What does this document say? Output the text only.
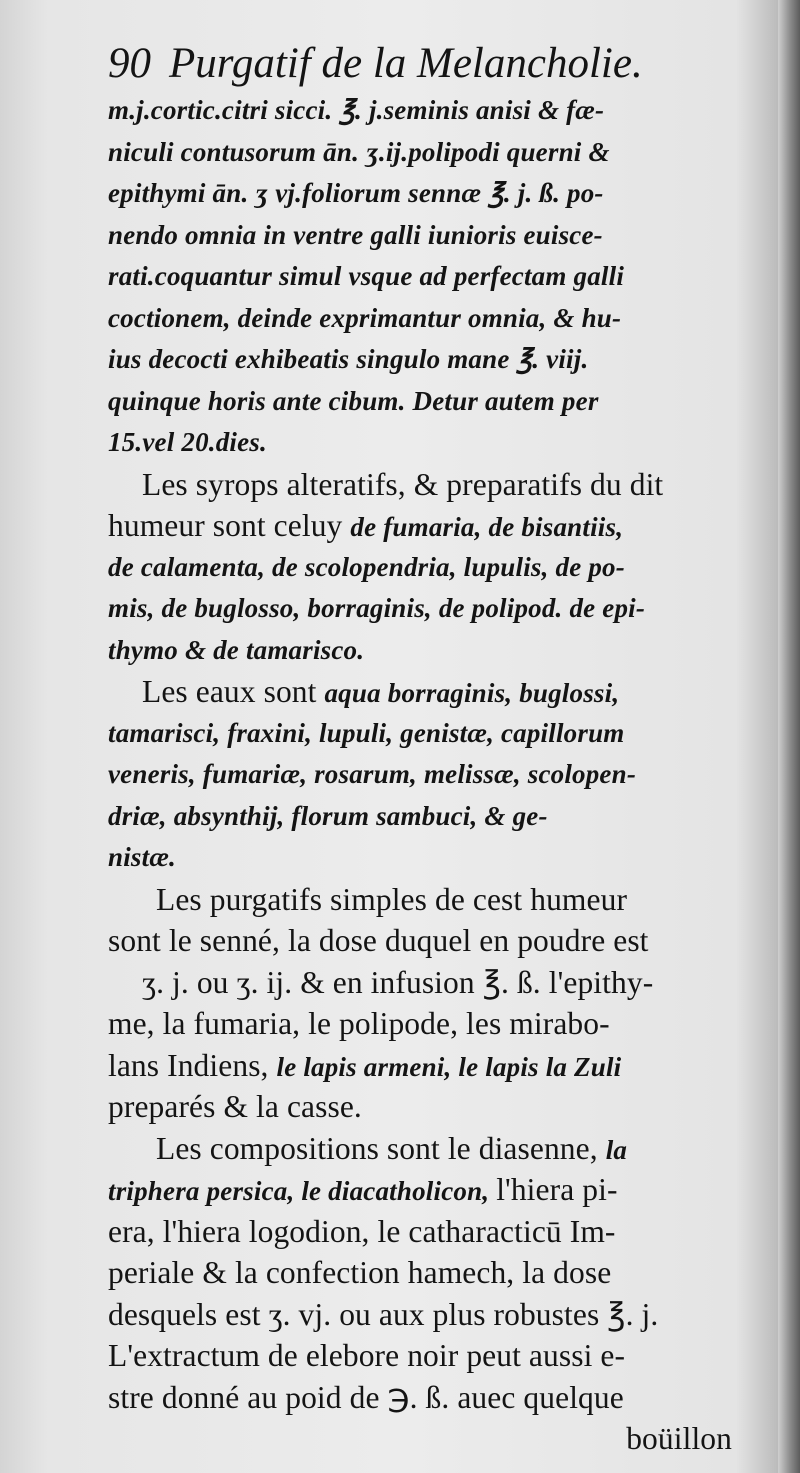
90 Purgatif de la Melancholie.
m.j.cortic.citri sicci. ℥. j.seminis anisi & fæ-
niculi contusorum ān. ʒ.ij.polipodi querni &
epithymi ān. ʒ vj.foliorum sennæ ℥. j. ß. po-
nendo omnia in ventre galli iunioris euisce-
rati.coquantur simul vsque ad perfectam galli
coctionem, deinde exprimantur omnia, & hu-
ius decocti exhibeatis singulo mane ℥. viij.
quinque horis ante cibum. Detur autem per
15.vel 20.dies.
Les syrops alteratifs, & preparatifs du dit
humeur sont celuy de fumaria, de bisantiis,
de calamenta, de scolopendria, lupulis, de po-
mis, de buglosso, borraginis, de polipod. de epi-
thymo & de tamarisco.
Les eaux sont aqua borraginis, buglossi,
tamarisci, fraxini, lupuli, genistæ, capillorum
veneris, fumariæ, rosarum, melissæ, scolopen-
driæ, absynthij, florum sambuci, & ge-
nistæ.
Les purgatifs simples de cest humeur
sont le senné, la dose duquel en poudre est
ʒ. j. ou ʒ. ij. & en infusion ℥. ß. l'epithy-
me, la fumaria, le polipode, les mirabo-
lans Indiens, le lapis armeni, le lapis la Zuli
preparés & la casse.
Les compositions sont le diasenne, la
triphera persica, le diacatholicon, l'hiera pi-
era, l'hiera logodion, le catharacticū Im-
periale & la confection hamech, la dose
desquels est ʒ. vj. ou aux plus robustes ℥. j.
L'extractum de elebore noir peut aussi e-
stre donné au poid de ℈. ß. auec quelque
boüillon
